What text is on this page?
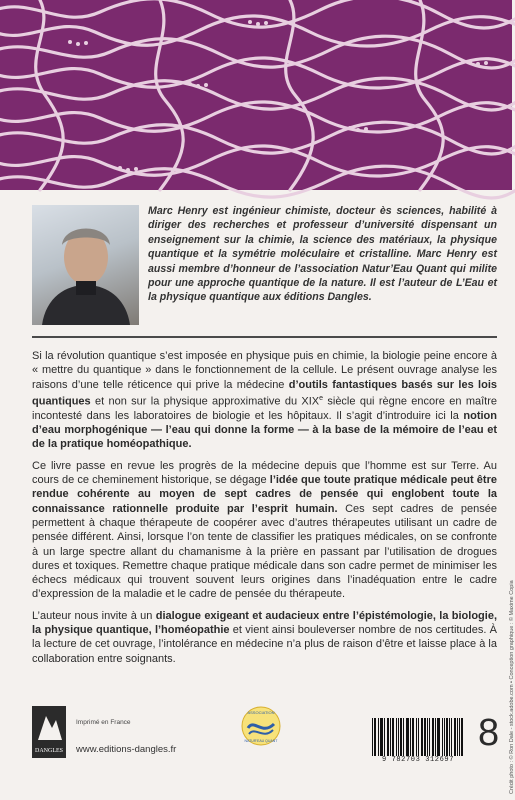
Marc Henry est ingénieur chimiste, docteur ès sciences, habilité à diriger des recherches et professeur d’université dispensant un enseignement sur la chimie, la science des matériaux, la physique quantique et la symétrie moléculaire et cristalline. Marc Henry est aussi membre d’honneur de l’association Natur’Eau Quant qui milite pour une approche quantique de la nature. Il est l’auteur de L’Eau et la physique quantique aux éditions Dangles.

Si la révolution quantique s’est imposée en physique puis en chimie, la biologie peine encore à « mettre du quantique » dans le fonctionnement de la cellule. Le présent ouvrage analyse les raisons d’une telle réticence qui prive la médecine d’outils fantastiques basés sur les lois quantiques et non sur la physique approximative du XIXe siècle qui règne encore en maître incontesté dans les laboratoires de biologie et les hôpitaux. Il s’agit d’introduire ici la notion d’eau morphogénique — l’eau qui donne la forme — à la base de la mémoire de l’eau et de la pratique homéopathique.

Ce livre passe en revue les progrès de la médecine depuis que l’homme est sur Terre. Au cours de ce cheminement historique, se dégage l’idée que toute pratique médicale peut être rendue cohérente au moyen de sept cadres de pensée qui englobent toute la connaissance rationnelle produite par l’esprit humain. Ces sept cadres de pensée permettent à chaque thérapeute de coopérer avec d’autres thérapeutes utilisant un cadre de pensée différent. Ainsi, lorsque l’on tente de classifier les pratiques médicales, on se confronte à un large spectre allant du chamanisme à la prière en passant par l’utilisation de drogues dures et toxiques. Remettre chaque pratique médicale dans son cadre permet de minimiser les échecs médicaux qui trouvent souvent leurs origines dans l’inadéquation entre le cadre d’expression de la maladie et le cadre de pensée du thérapeute.

L’auteur nous invite à un dialogue exigeant et audacieux entre l’épistémologie, la biologie, la physique quantique, l’homéopathie et vient ainsi bouleverser nombre de nos certitudes. À la lecture de cet ouvrage, l’intolérance en médecine n’a plus de raison d’être et laisse place à la collaboration entre soignants.	Crédit photo : © Ron Dale - stock.adobe.com • Conception graphique : © Maxime Copia
DANGLES
Imprimé en France
www.editions-dangles.fr
ASSOCIATION
NATUR'EAU QUANT
9 782703 312697
8
